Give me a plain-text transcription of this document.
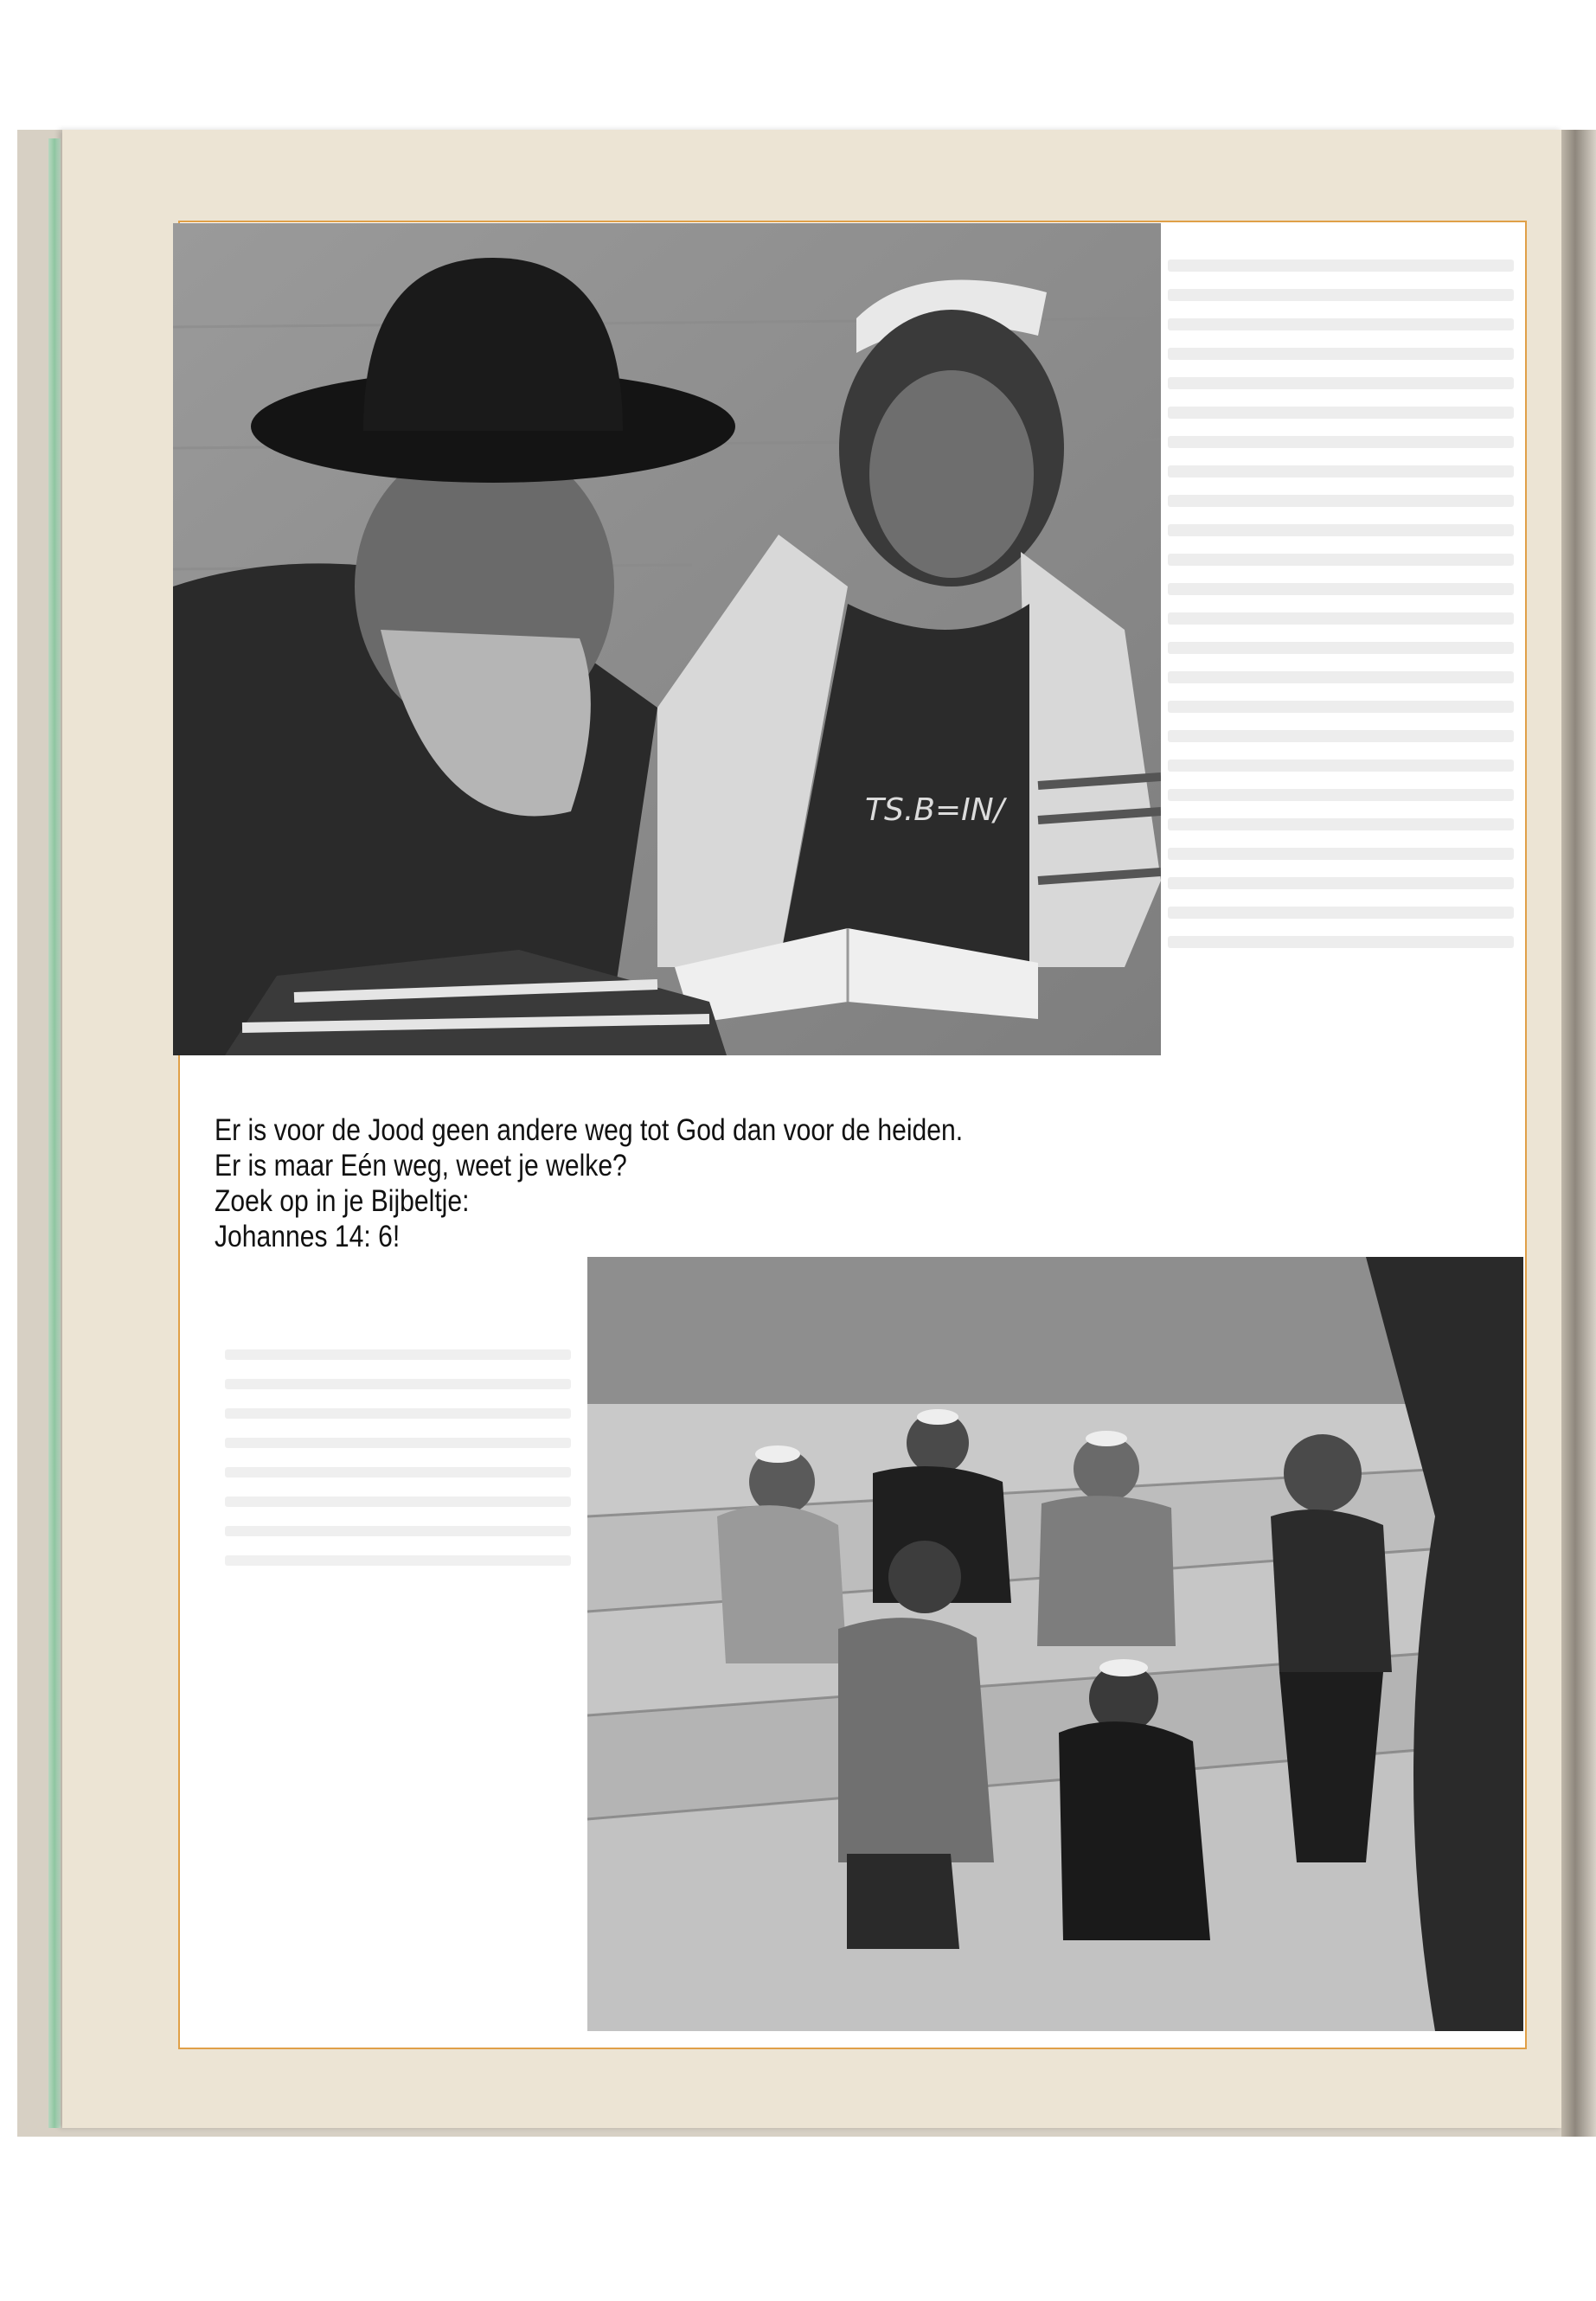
TS.B=IN/
Er is voor de Jood geen andere weg tot God dan voor de heiden.
Er is maar Eén weg, weet je welke?
Zoek op in je Bijbeltje:
Johannes 14: 6!
